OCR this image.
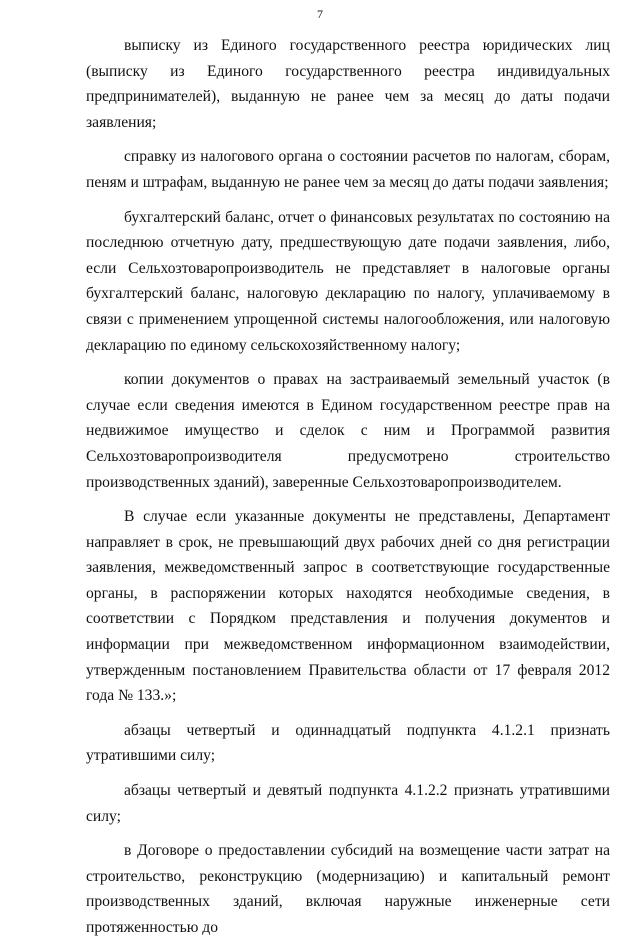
7

выписку из Единого государственного реестра юридических лиц (выписку из Единого государственного реестра индивидуальных предпринимателей), выданную не ранее чем за месяц до даты подачи заявления;

справку из налогового органа о состоянии расчетов по налогам, сборам, пеням и штрафам, выданную не ранее чем за месяц до даты подачи заявления;

бухгалтерский баланс, отчет о финансовых результатах по состоянию на последнюю отчетную дату, предшествующую дате подачи заявления, либо, если Сельхозтоваропроизводитель не представляет в налоговые органы бухгалтерский баланс, налоговую декларацию по налогу, уплачиваемому в связи с применением упрощенной системы налогообложения, или налоговую декларацию по единому сельскохозяйственному налогу;

копии документов о правах на застраиваемый земельный участок (в случае если сведения имеются в Едином государственном реестре прав на недвижимое имущество и сделок с ним и Программой развития Сельхозтоваропроизводителя предусмотрено строительство производственных зданий), заверенные Сельхозтоваропроизводителем.

В случае если указанные документы не представлены, Департамент направляет в срок, не превышающий двух рабочих дней со дня регистрации заявления, межведомственный запрос в соответствующие государственные органы, в распоряжении которых находятся необходимые сведения, в соответствии с Порядком представления и получения документов и информации при межведомственном информационном взаимодействии, утвержденным постановлением Правительства области от 17 февраля 2012 года № 133.»;

абзацы четвертый и одиннадцатый подпункта 4.1.2.1 признать утратившими силу;

абзацы четвертый и девятый подпункта 4.1.2.2 признать утратившими силу;

в Договоре о предоставлении субсидий на возмещение части затрат на строительство, реконструкцию (модернизацию) и капитальный ремонт производственных зданий, включая наружные инженерные сети протяженностью до
